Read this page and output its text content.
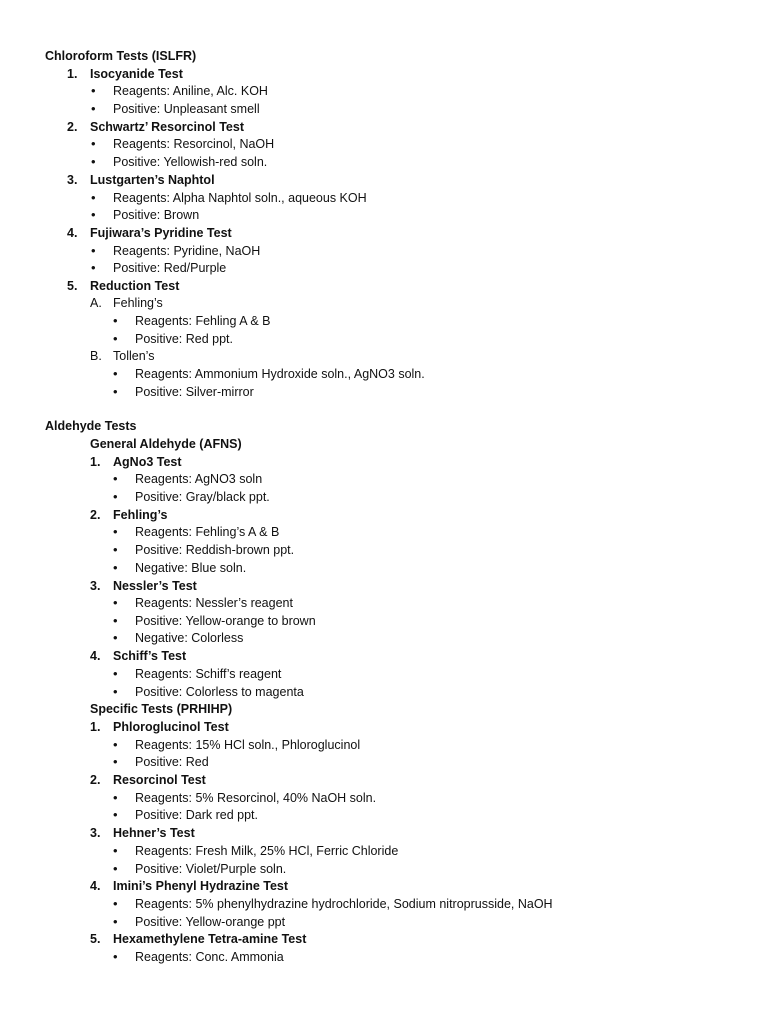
Chloroform Tests (ISLFR)
1. Isocyanide Test
• Reagents: Aniline, Alc. KOH
• Positive: Unpleasant smell
2. Schwartz’ Resorcinol Test
• Reagents: Resorcinol, NaOH
• Positive: Yellowish-red soln.
3. Lustgarten’s Naphtol
• Reagents: Alpha Naphtol soln., aqueous KOH
• Positive: Brown
4. Fujiwara’s Pyridine Test
• Reagents: Pyridine, NaOH
• Positive: Red/Purple
5. Reduction Test
A. Fehling’s
• Reagents: Fehling A & B
• Positive: Red ppt.
B. Tollen’s
• Reagents: Ammonium Hydroxide soln., AgNO3 soln.
• Positive: Silver-mirror
Aldehyde Tests
General Aldehyde (AFNS)
1. AgNo3 Test
• Reagents: AgNO3 soln
• Positive: Gray/black ppt.
2. Fehling’s
• Reagents: Fehling’s A & B
• Positive: Reddish-brown ppt.
• Negative: Blue soln.
3. Nessler’s Test
• Reagents: Nessler’s reagent
• Positive: Yellow-orange to brown
• Negative: Colorless
4. Schiff’s Test
• Reagents: Schiff’s reagent
• Positive: Colorless to magenta
Specific Tests (PRHIHP)
1. Phloroglucinol Test
• Reagents: 15% HCl soln., Phloroglucinol
• Positive: Red
2. Resorcinol Test
• Reagents: 5% Resorcinol, 40% NaOH soln.
• Positive: Dark red ppt.
3. Hehner’s Test
• Reagents: Fresh Milk, 25% HCl, Ferric Chloride
• Positive: Violet/Purple soln.
4. Imini’s Phenyl Hydrazine Test
• Reagents: 5% phenylhydrazine hydrochloride, Sodium nitroprusside, NaOH
• Positive: Yellow-orange ppt
5. Hexamethylene Tetra-amine Test
• Reagents: Conc. Ammonia
